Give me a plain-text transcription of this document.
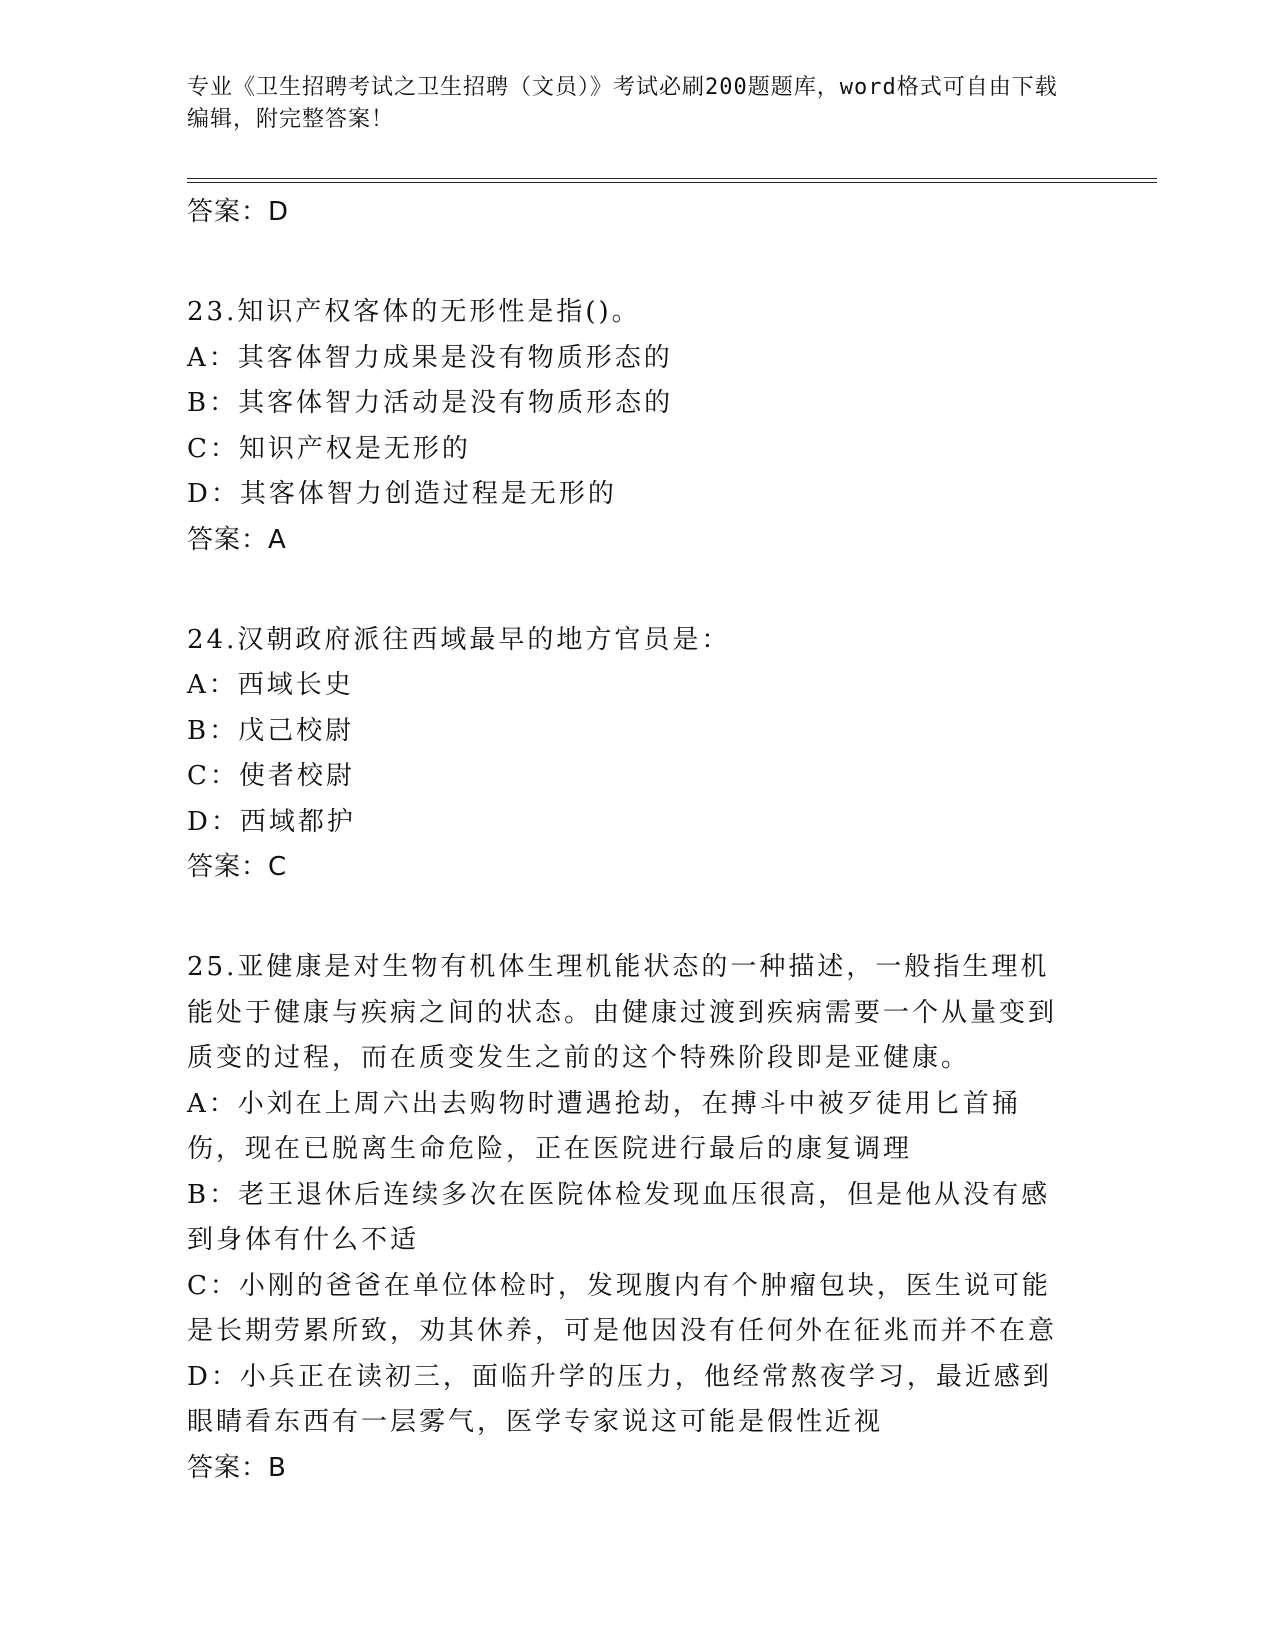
专业《卫生招聘考试之卫生招聘（文员）》考试必刷200题题库，word格式可自由下载编辑，附完整答案！
答案：D
23.知识产权客体的无形性是指()。
A：其客体智力成果是没有物质形态的
B：其客体智力活动是没有物质形态的
C：知识产权是无形的
D：其客体智力创造过程是无形的
答案：A
24.汉朝政府派往西域最早的地方官员是：
A：西域长史
B：戊己校尉
C：使者校尉
D：西域都护
答案：C
25.亚健康是对生物有机体生理机能状态的一种描述，一般指生理机能处于健康与疾病之间的状态。由健康过渡到疾病需要一个从量变到质变的过程，而在质变发生之前的这个特殊阶段即是亚健康。
A：小刘在上周六出去购物时遭遇抢劫，在搏斗中被歹徒用匕首捅伤，现在已脱离生命危险，正在医院进行最后的康复调理
B：老王退休后连续多次在医院体检发现血压很高，但是他从没有感到身体有什么不适
C：小刚的爸爸在单位体检时，发现腹内有个肿瘤包块，医生说可能是长期劳累所致，劝其休养，可是他因没有任何外在征兆而并不在意
D：小兵正在读初三，面临升学的压力，他经常熬夜学习，最近感到眼睛看东西有一层雾气，医学专家说这可能是假性近视
答案：B
